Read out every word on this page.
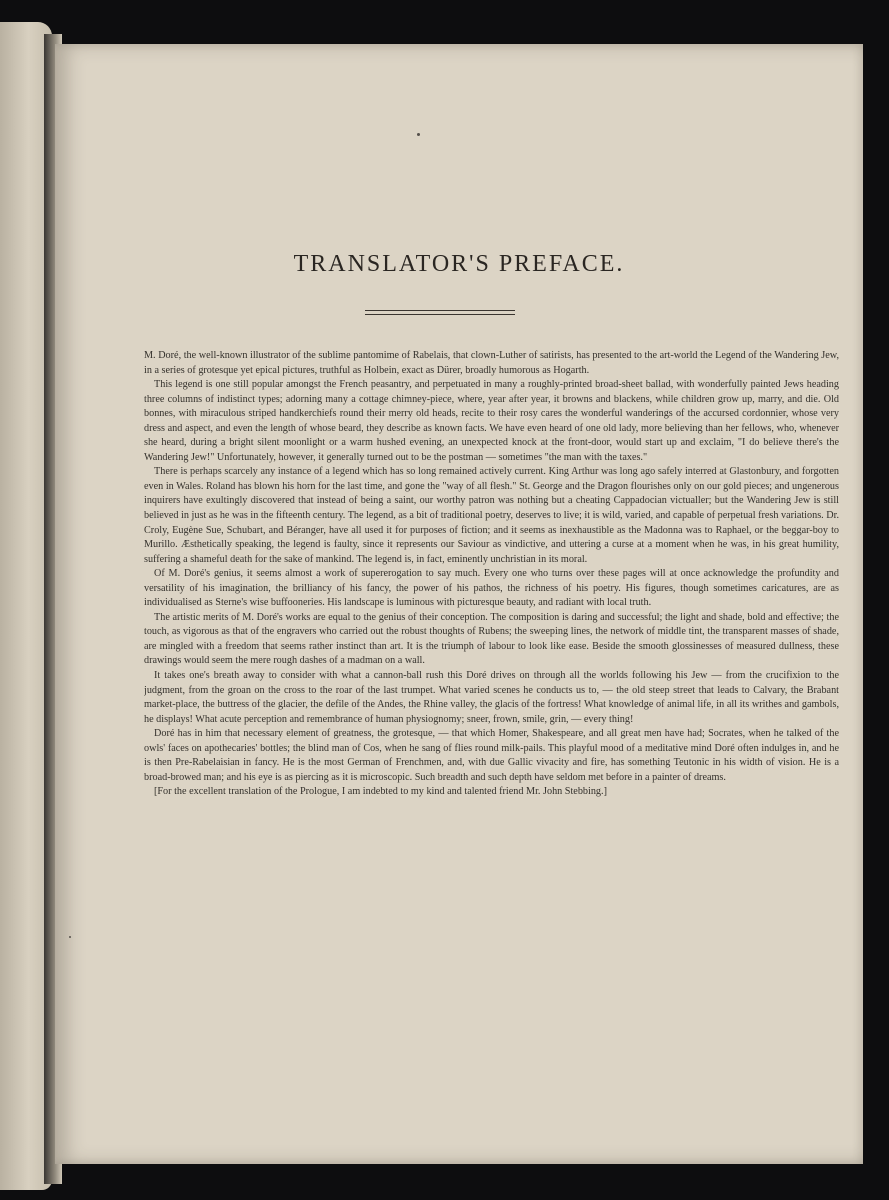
TRANSLATOR'S PREFACE.

M. Doré, the well-known illustrator of the sublime pantomime of Rabelais, that clown-Luther of satirists, has presented to the art-world the Legend of the Wandering Jew, in a series of grotesque yet epical pictures, truthful as Holbein, exact as Dürer, broadly humorous as Hogarth.

This legend is one still popular amongst the French peasantry, and perpetuated in many a roughly-printed broad-sheet ballad, with wonderfully painted Jews heading three columns of indistinct types; adorning many a cottage chimney-piece, where, year after year, it browns and blackens, while children grow up, marry, and die. Old bonnes, with miraculous striped handkerchiefs round their merry old heads, recite to their rosy cares the wonderful wanderings of the accursed cordonnier, whose very dress and aspect, and even the length of whose beard, they describe as known facts. We have even heard of one old lady, more believing than her fellows, who, whenever she heard, during a bright silent moonlight or a warm hushed evening, an unexpected knock at the front-door, would start up and exclaim, "I do believe there's the Wandering Jew!" Unfortunately, however, it generally turned out to be the postman — sometimes "the man with the taxes."

There is perhaps scarcely any instance of a legend which has so long remained actively current. King Arthur was long ago safely interred at Glastonbury, and forgotten even in Wales. Roland has blown his horn for the last time, and gone the "way of all flesh." St. George and the Dragon flourishes only on our gold pieces; and ungenerous inquirers have exultingly discovered that instead of being a saint, our worthy patron was nothing but a cheating Cappadocian victualler; but the Wandering Jew is still believed in just as he was in the fifteenth century. The legend, as a bit of traditional poetry, deserves to live; it is wild, varied, and capable of perpetual fresh variations. Dr. Croly, Eugène Sue, Schubart, and Béranger, have all used it for purposes of fiction; and it seems as inexhaustible as the Madonna was to Raphael, or the beggar-boy to Murillo. Æsthetically speaking, the legend is faulty, since it represents our Saviour as vindictive, and uttering a curse at a moment when he was, in his great humility, suffering a shameful death for the sake of mankind. The legend is, in fact, eminently unchristian in its moral.

Of M. Doré's genius, it seems almost a work of supererogation to say much. Every one who turns over these pages will at once acknowledge the profundity and versatility of his imagination, the brilliancy of his fancy, the power of his pathos, the richness of his poetry. His figures, though sometimes caricatures, are as individualised as Sterne's wise buffooneries. His landscape is luminous with picturesque beauty, and radiant with local truth.

The artistic merits of M. Doré's works are equal to the genius of their conception. The composition is daring and successful; the light and shade, bold and effective; the touch, as vigorous as that of the engravers who carried out the robust thoughts of Rubens; the sweeping lines, the network of middle tint, the transparent masses of shade, are mingled with a freedom that seems rather instinct than art. It is the triumph of labour to look like ease. Beside the smooth glossinesses of measured dullness, these drawings would seem the mere rough dashes of a madman on a wall.

It takes one's breath away to consider with what a cannon-ball rush this Doré drives on through all the worlds following his Jew — from the crucifixion to the judgment, from the groan on the cross to the roar of the last trumpet. What varied scenes he conducts us to, — the old steep street that leads to Calvary, the Brabant market-place, the buttress of the glacier, the defile of the Andes, the Rhine valley, the glacis of the fortress! What knowledge of animal life, in all its writhes and gambols, he displays! What acute perception and remembrance of human physiognomy; sneer, frown, smile, grin, — every thing!

Doré has in him that necessary element of greatness, the grotesque, — that which Homer, Shakespeare, and all great men have had; Socrates, when he talked of the owls' faces on apothecaries' bottles; the blind man of Cos, when he sang of flies round milk-pails. This playful mood of a meditative mind Doré often indulges in, and he is then Pre-Rabelaisian in fancy. He is the most German of Frenchmen, and, with due Gallic vivacity and fire, has something Teutonic in his width of vision. He is a broad-browed man; and his eye is as piercing as it is microscopic. Such breadth and such depth have seldom met before in a painter of dreams.

[For the excellent translation of the Prologue, I am indebted to my kind and talented friend Mr. John Stebbing.]
